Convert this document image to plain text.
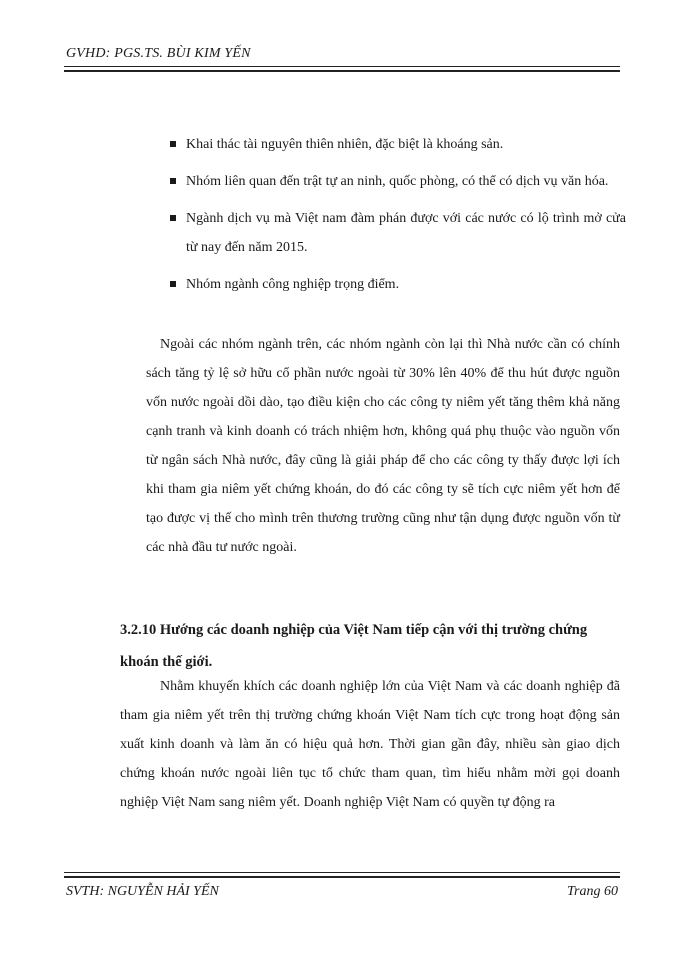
GVHD: PGS.TS. BÙI KIM YẾN
Khai thác tài nguyên thiên nhiên, đặc biệt là khoáng sản.
Nhóm liên quan đến trật tự an ninh, quốc phòng, có thể có dịch vụ văn hóa.
Ngành dịch vụ mà Việt nam đàm phán được với các nước có lộ trình mở cửa từ nay đến năm 2015.
Nhóm ngành công nghiệp trọng điểm.
Ngoài các nhóm ngành trên, các nhóm ngành còn lại thì Nhà nước cần có chính sách tăng tỷ lệ sở hữu cổ phần nước ngoài từ 30% lên 40% để thu hút được nguồn vốn nước ngoài dồi dào, tạo điều kiện cho các công ty niêm yết tăng thêm khả năng cạnh tranh và kinh doanh có trách nhiệm hơn, không quá phụ thuộc vào nguồn vốn từ ngân sách Nhà nước, đây cũng là giải pháp để cho các công ty thấy được lợi ích khi tham gia niêm yết chứng khoán, do đó các công ty sẽ tích cực niêm yết hơn để tạo được vị thế cho mình trên thương trường cũng như tận dụng được nguồn vốn từ các nhà đầu tư nước ngoài.
3.2.10 Hướng các doanh nghiệp của Việt Nam tiếp cận với thị trường chứng khoán thế giới.
Nhằm khuyến khích các doanh nghiệp lớn của Việt Nam và các doanh nghiệp đã tham gia niêm yết trên thị trường chứng khoán Việt Nam tích cực trong hoạt động sản xuất kinh doanh và làm ăn có hiệu quả hơn. Thời gian gần đây, nhiều sàn giao dịch chứng khoán nước ngoài liên tục tổ chức tham quan, tìm hiểu nhằm mời gọi doanh nghiệp Việt Nam sang niêm yết. Doanh nghiệp Việt Nam có quyền tự động ra
SVTH: NGUYỄN HẢI YẾN	Trang 60
